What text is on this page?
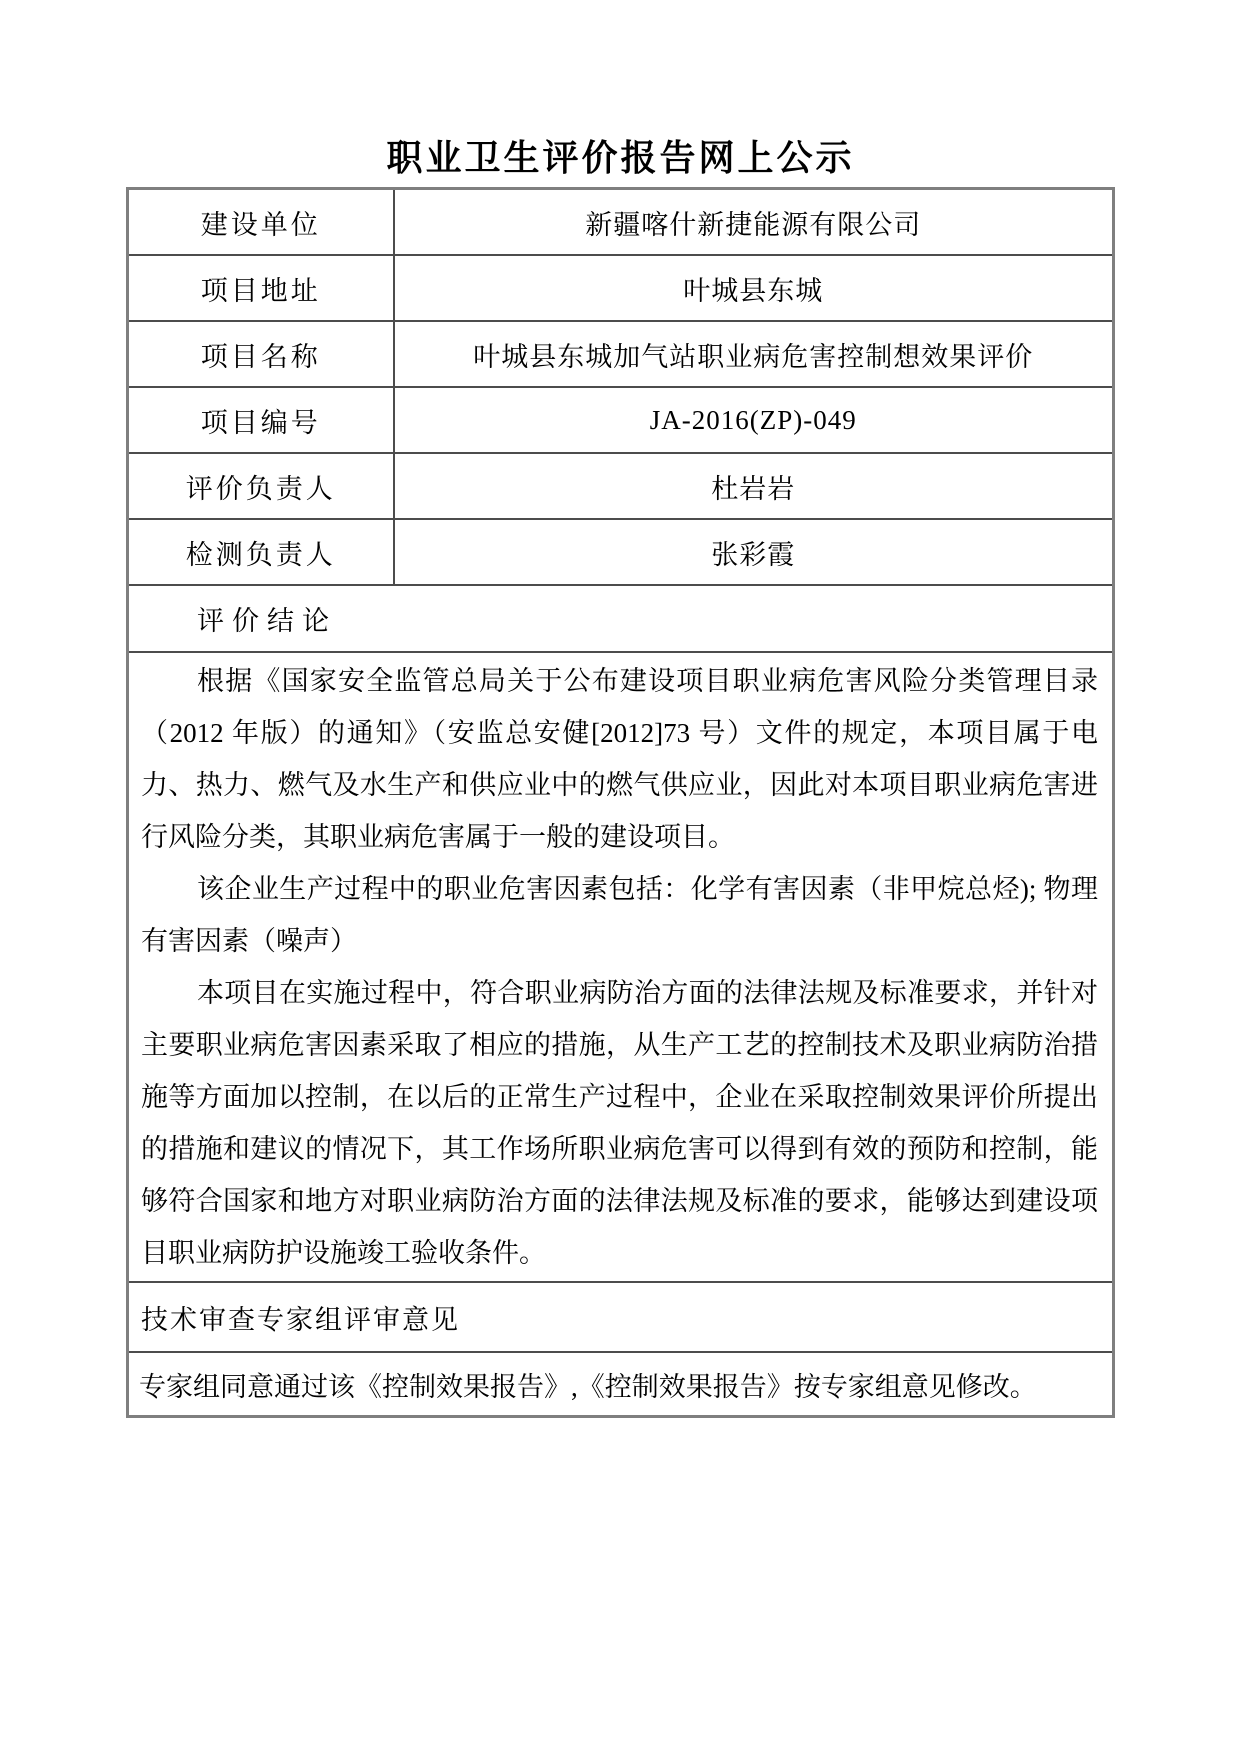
职业卫生评价报告网上公示
建设单位	新疆喀什新捷能源有限公司
项目地址	叶城县东城
项目名称	叶城县东城加气站职业病危害控制想效果评价
项目编号	JA-2016(ZP)-049
评价负责人	杜岩岩
检测负责人	张彩霞
评价结论	

根据《国家安全监管总局关于公布建设项目职业病危害风险分类管理目录（2012 年版）的通知》（安监总安健[2012]73 号）文件的规定，本项目属于电力、热力、燃气及水生产和供应业中的燃气供应业，因此对本项目职业病危害进行风险分类，其职业病危害属于一般的建设项目。

该企业生产过程中的职业危害因素包括：化学有害因素（非甲烷总烃); 物理有害因素（噪声）

本项目在实施过程中，符合职业病防治方面的法律法规及标准要求，并针对主要职业病危害因素采取了相应的措施，从生产工艺的控制技术及职业病防治措施等方面加以控制，在以后的正常生产过程中，企业在采取控制效果评价所提出的措施和建议的情况下，其工作场所职业病危害可以得到有效的预防和控制，能够符合国家和地方对职业病防治方面的法律法规及标准的要求，能够达到建设项目职业病防护设施竣工验收条件。	

技术审查专家组评审意见	
专家组同意通过该《控制效果报告》,《控制效果报告》按专家组意见修改。	
